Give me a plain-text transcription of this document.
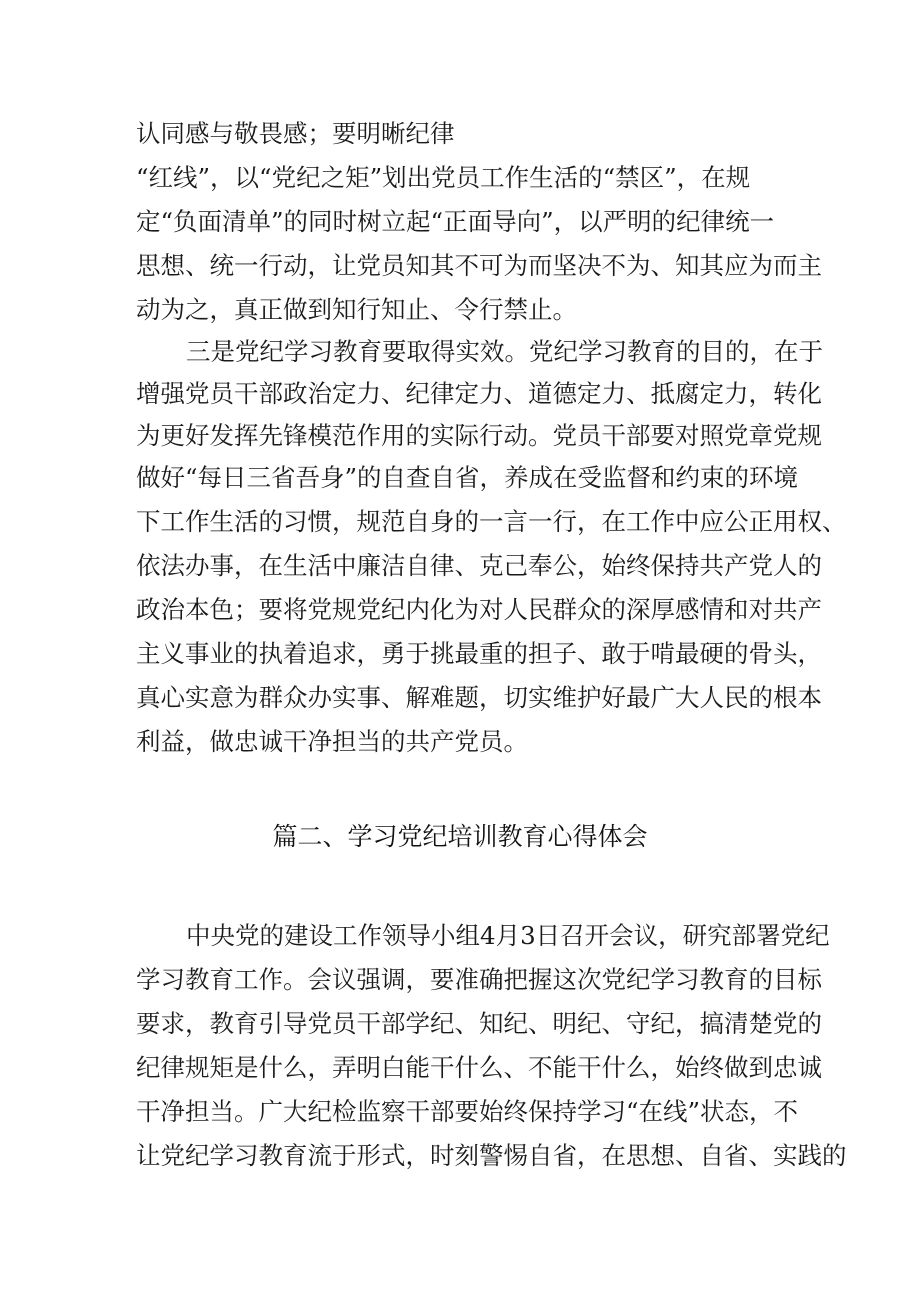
认同感与敬畏感；要明晰纪律
“红线”，以“党纪之矩”划出党员工作生活的“禁区”，在规
定“负面清单”的同时树立起“正面导向”，以严明的纪律统一
思想、统一行动，让党员知其不可为而坚决不为、知其应为而主
动为之，真正做到知行知止、令行禁止。
三是党纪学习教育要取得实效。党纪学习教育的目的，在于
增强党员干部政治定力、纪律定力、道德定力、抵腐定力，转化
为更好发挥先锋模范作用的实际行动。党员干部要对照党章党规
做好“每日三省吾身”的自查自省，养成在受监督和约束的环境
下工作生活的习惯，规范自身的一言一行，在工作中应公正用权、
依法办事，在生活中廉洁自律、克己奉公，始终保持共产党人的
政治本色；要将党规党纪内化为对人民群众的深厚感情和对共产
主义事业的执着追求，勇于挑最重的担子、敢于啃最硬的骨头，
真心实意为群众办实事、解难题，切实维护好最广大人民的根本
利益，做忠诚干净担当的共产党员。
篇二、学习党纪培训教育心得体会
中央党的建设工作领导小组4月3日召开会议，研究部署党纪
学习教育工作。会议强调，要准确把握这次党纪学习教育的目标
要求，教育引导党员干部学纪、知纪、明纪、守纪，搞清楚党的
纪律规矩是什么，弄明白能干什么、不能干什么，始终做到忠诚
干净担当。广大纪检监察干部要始终保持学习“在线”状态，不
让党纪学习教育流于形式，时刻警惕自省，在思想、自省、实践的
